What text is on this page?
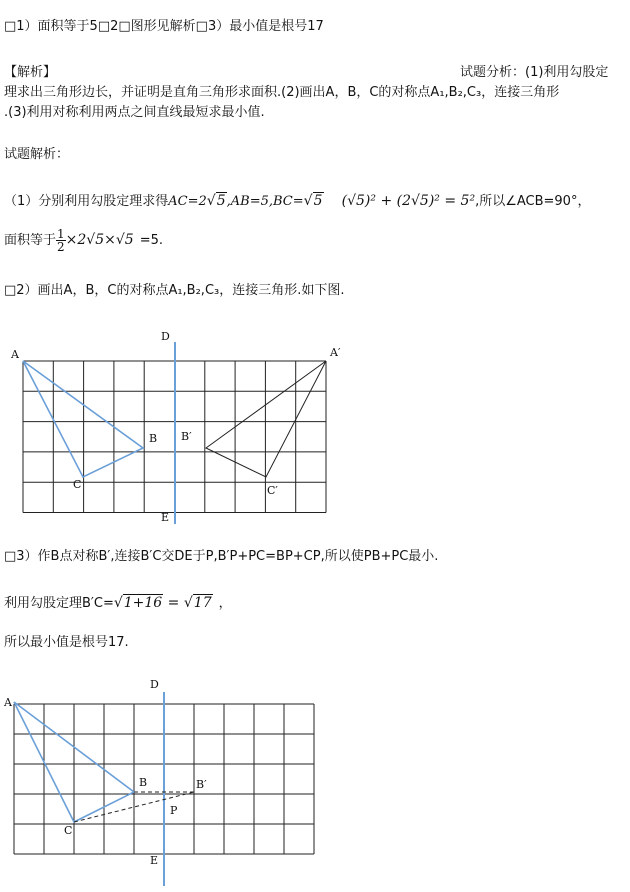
□1）面积等于5□2□图形见解析□3）最小值是根号17
【解析】	试题分析：(1)利用勾股定
理求出三角形边长，并证明是直角三角形求面积.(2)画出A，B，C的对称点A₁,B₂,C₃，连接三角形
.(3)利用对称利用两点之间直线最短求最小值.
试题解析：
（1）分别利用勾股定理求得AC=2√5,AB=5,BC=√5 (√5)² + (2√5)² = 5²,所以∠ACB=90°，
面积等于 $\frac{1}{2} \times 2√5\times√5 =5$.
□2）画出A，B，C的对称点A₁,B₂,C₃，连接三角形.如下图.
D
E
A
B
C
A′
B′
C′
□3）作B点对称B′,连接B′C交DE于P,B′P+PC=BP+CP,所以使PB+PC最小.
利用勾股定理B′C=√1+16 = √17 ，
所以最小值是根号17.
D
E
A
B
C
P
B′
